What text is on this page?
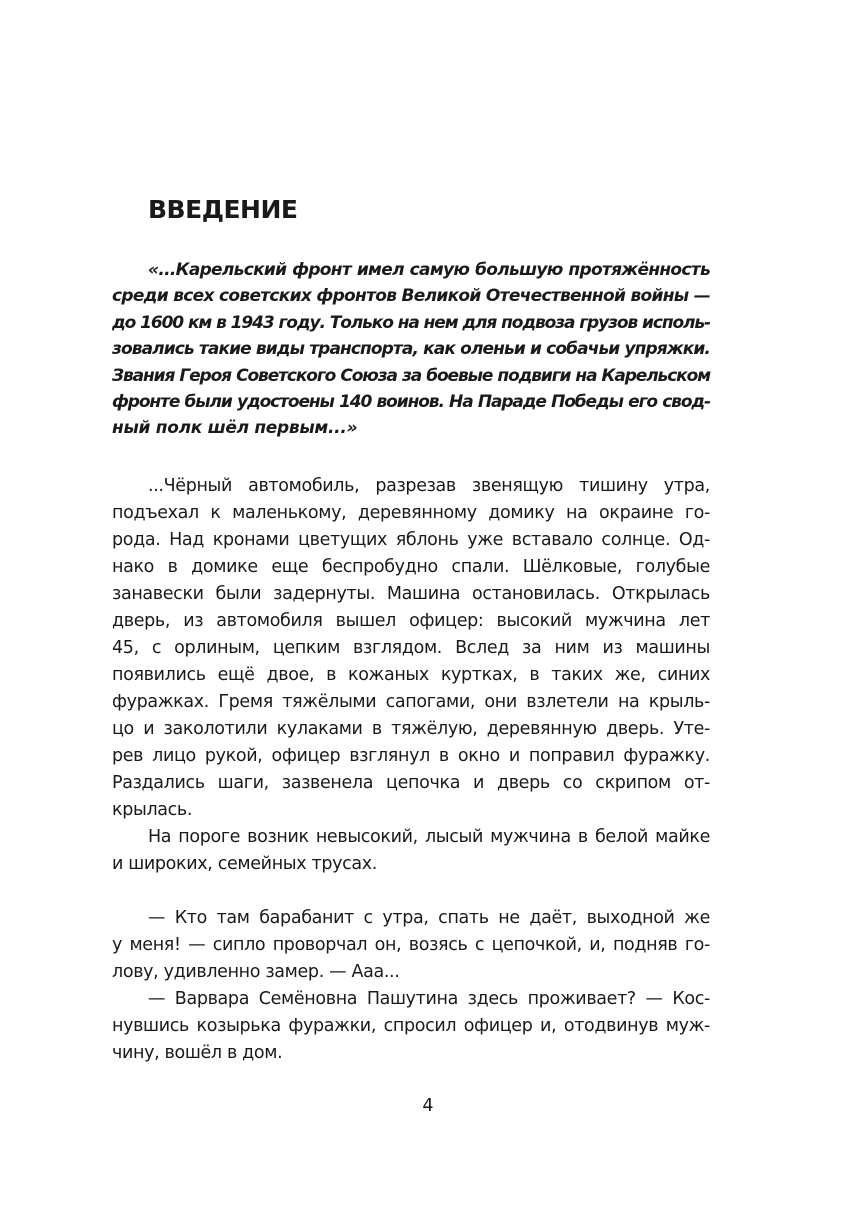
ВВЕДЕНИЕ
«...Карельский фронт имел самую большую протяжённость
среди всех советских фронтов Великой Отечественной войны —
до 1600 км в 1943 году. Только на нем для подвоза грузов исполь-
зовались такие виды транспорта, как оленьи и собачьи упряжки.
Звания Героя Советского Союза за боевые подвиги на Карельском
фронте были удостоены 140 воинов. На Параде Победы его свод-
ный полк шёл первым...»
...Чёрный автомобиль, разрезав звенящую тишину утра,
подъехал к маленькому, деревянному домику на окраине го-
рода. Над кронами цветущих яблонь уже вставало солнце. Од-
нако в домике еще беспробудно спали. Шёлковые, голубые
занавески были задернуты. Машина остановилась. Открылась
дверь, из автомобиля вышел офицер: высокий мужчина лет
45, с орлиным, цепким взглядом. Вслед за ним из машины
появились ещё двое, в кожаных куртках, в таких же, синих
фуражках. Гремя тяжёлыми сапогами, они взлетели на крыль-
цо и заколотили кулаками в тяжёлую, деревянную дверь. Уте-
рев лицо рукой, офицер взглянул в окно и поправил фуражку.
Раздались шаги, зазвенела цепочка и дверь со скрипом от-
крылась.
На пороге возник невысокий, лысый мужчина в белой майке
и широких, семейных трусах.
— Кто там барабанит с утра, спать не даёт, выходной же
у меня! — сипло проворчал он, возясь с цепочкой, и, подняв го-
лову, удивленно замер. — Ааа...
— Варвара Семёновна Пашутина здесь проживает? — Кос-
нувшись козырька фуражки, спросил офицер и, отодвинув муж-
чину, вошёл в дом.
4
